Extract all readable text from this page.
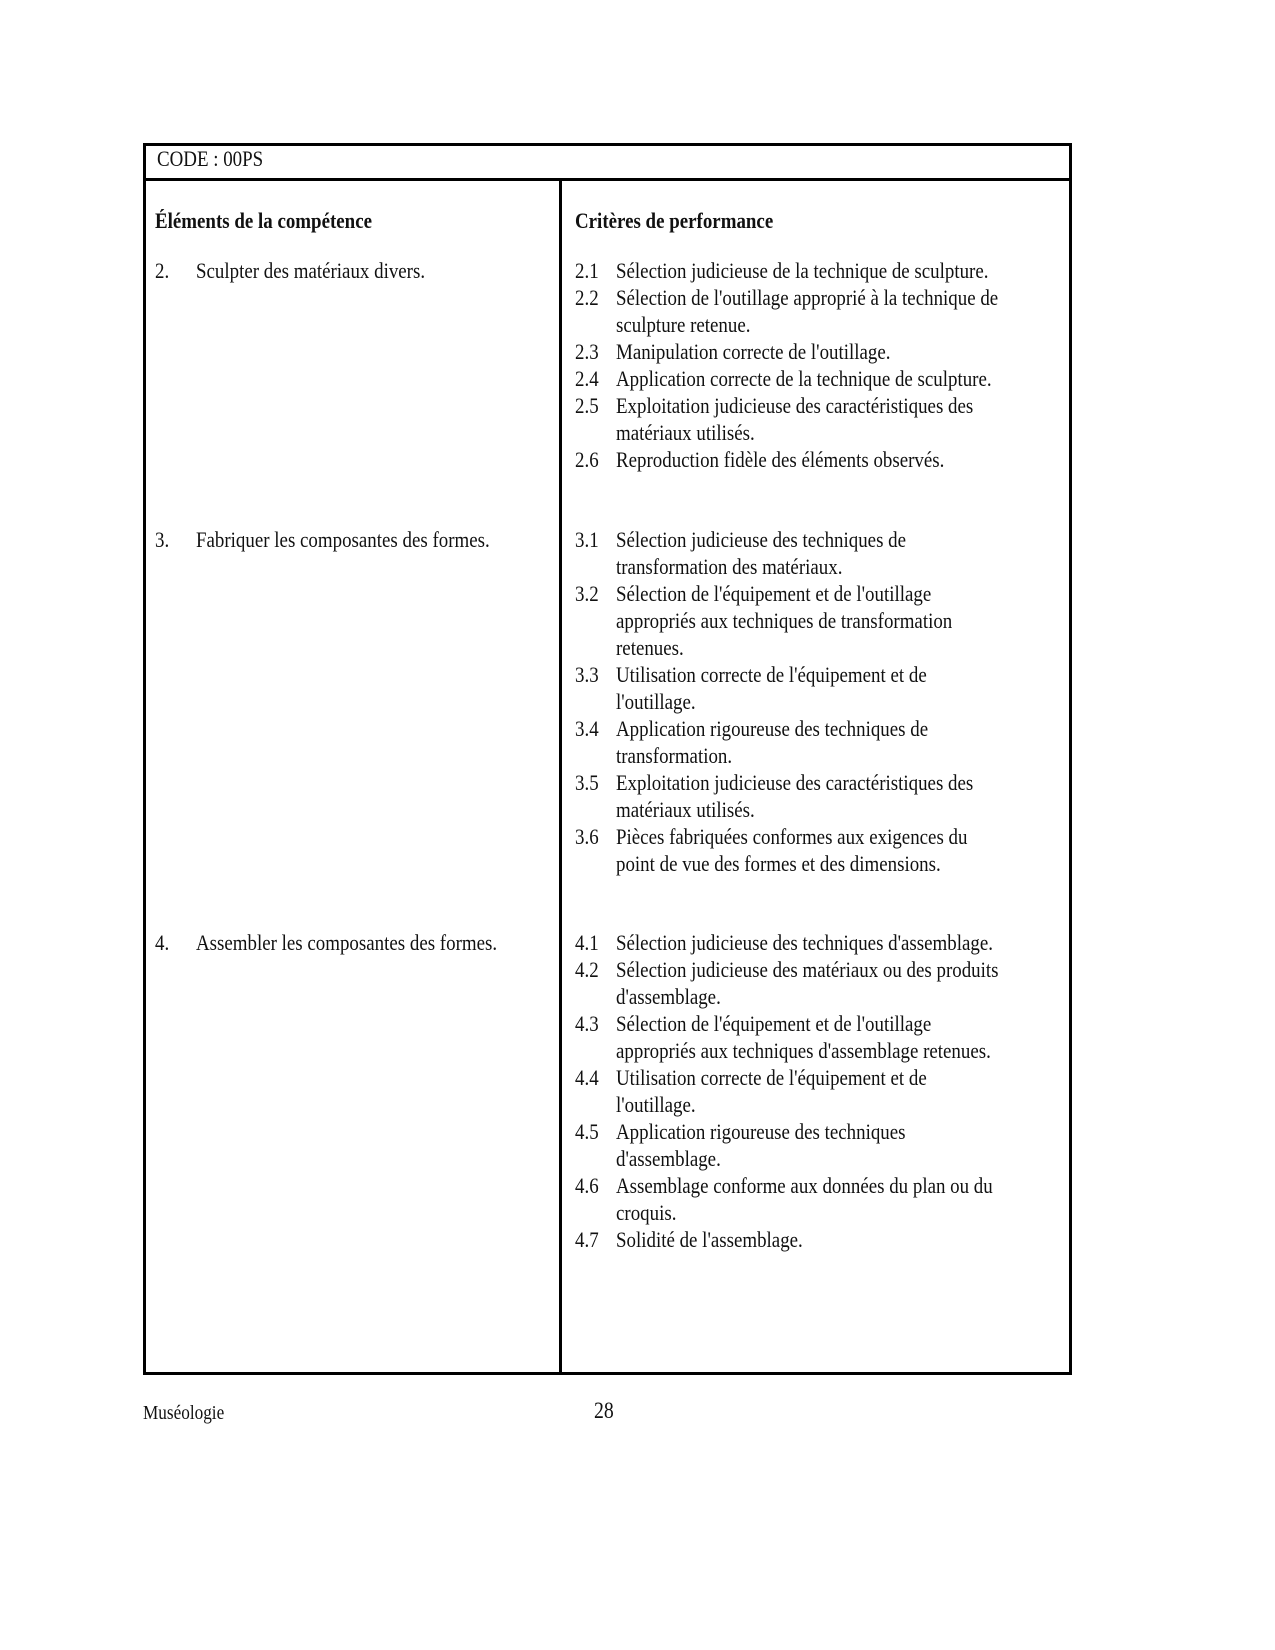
CODE : 00PS
Éléments de la compétence	Critères de performance
2. Sculpter des matériaux divers.	2.1 Sélection judicieuse de la technique de sculpture.
2.2 Sélection de l'outillage approprié à la technique de
sculpture retenue.
2.3 Manipulation correcte de l'outillage.
2.4 Application correcte de la technique de sculpture.
2.5 Exploitation judicieuse des caractéristiques des
matériaux utilisés.
2.6 Reproduction fidèle des éléments observés.
3. Fabriquer les composantes des formes.	3.1 Sélection judicieuse des techniques de
transformation des matériaux.
3.2 Sélection de l'équipement et de l'outillage
appropriés aux techniques de transformation
retenues.
3.3 Utilisation correcte de l'équipement et de
l'outillage.
3.4 Application rigoureuse des techniques de
transformation.
3.5 Exploitation judicieuse des caractéristiques des
matériaux utilisés.
3.6 Pièces fabriquées conformes aux exigences du
point de vue des formes et des dimensions.
4. Assembler les composantes des formes.	4.1 Sélection judicieuse des techniques d'assemblage.
4.2 Sélection judicieuse des matériaux ou des produits
d'assemblage.
4.3 Sélection de l'équipement et de l'outillage
appropriés aux techniques d'assemblage retenues.
4.4 Utilisation correcte de l'équipement et de
l'outillage.
4.5 Application rigoureuse des techniques
d'assemblage.
4.6 Assemblage conforme aux données du plan ou du
croquis.
4.7 Solidité de l'assemblage.
Muséologie	28
